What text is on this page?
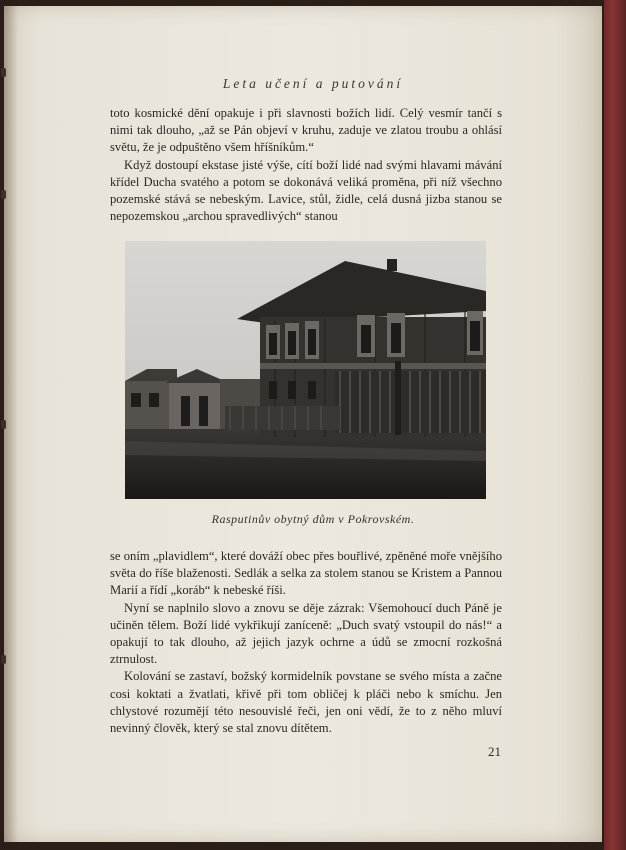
Leta učení a putování

toto kosmické dění opakuje i při slavnosti božích lidí. Celý vesmír tančí s nimi tak dlouho, „až se Pán objeví v kruhu, zaduje ve zlatou troubu a ohlásí světu, že je odpuštěno všem hříšníkům.“

Když dostoupí ekstase jisté výše, cítí boží lidé nad svými hlavami mávání křídel Ducha svatého a potom se dokonává veliká proměna, při níž všechno pozemské stává se nebeským. Lavice, stůl, židle, celá dusná jizba stanou se nepozemskou „archou spravedlivých“ stanou

Rasputinův obytný dům v Pokrovském.

se oním „plavidlem“, které dováží obec přes bouřlivé, zpěněné moře vnějšího světa do říše blaženosti. Sedlák a selka za stolem stanou se Kristem a Pannou Marií a řídí „koráb“ k nebeské říši.

Nyní se naplnilo slovo a znovu se děje zázrak: Všemohoucí duch Páně je učiněn tělem. Boží lidé vykřikují zaníceně: „Duch svatý vstoupil do nás!“ a opakují to tak dlouho, až jejich jazyk ochrne a údů se zmocní rozkošná ztrnulost.

Kolování se zastaví, božský kormidelník povstane se svého místa a začne cosi koktati a žvatlati, křivě při tom obličej k pláči nebo k smíchu. Jen chlystové rozumějí této nesouvislé řeči, jen oni vědí, že to z něho mluví nevinný člověk, který se stal znovu dítětem.

21
